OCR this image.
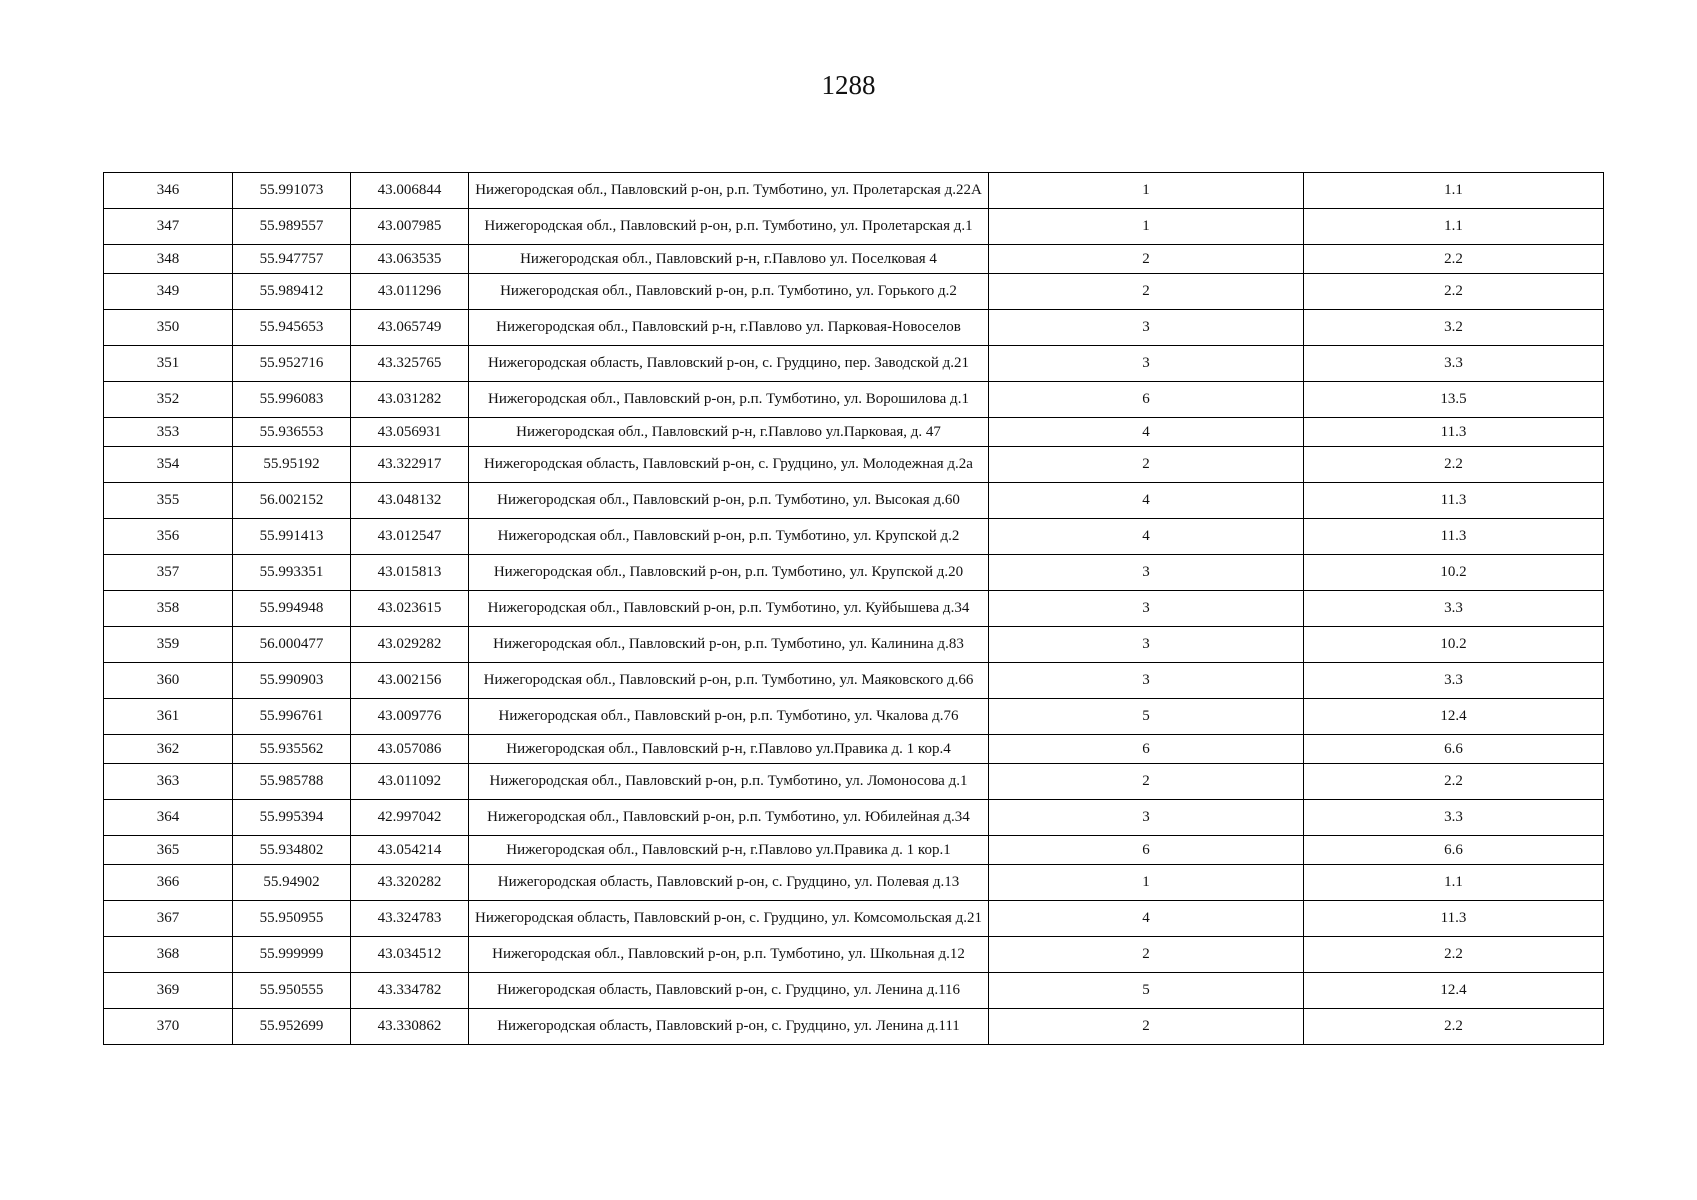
1288
346	55.991073	43.006844	Нижегородская обл., Павловский р-он, р.п. Тумботино, ул. Пролетарская д.22А	1	1.1
347	55.989557	43.007985	Нижегородская обл., Павловский р-он, р.п. Тумботино, ул. Пролетарская д.1	1	1.1
348	55.947757	43.063535	Нижегородская обл., Павловский р-н, г.Павлово ул. Поселковая 4	2	2.2
349	55.989412	43.011296	Нижегородская обл., Павловский р-он, р.п. Тумботино, ул. Горького д.2	2	2.2
350	55.945653	43.065749	Нижегородская обл., Павловский р-н, г.Павлово ул. Парковая-Новоселов	3	3.2
351	55.952716	43.325765	Нижегородская область, Павловский р-он, с. Грудцино, пер. Заводской д.21	3	3.3
352	55.996083	43.031282	Нижегородская обл., Павловский р-он, р.п. Тумботино, ул. Ворошилова д.1	6	13.5
353	55.936553	43.056931	Нижегородская обл., Павловский р-н, г.Павлово ул.Парковая, д. 47	4	11.3
354	55.95192	43.322917	Нижегородская область, Павловский р-он, с. Грудцино, ул. Молодежная д.2а	2	2.2
355	56.002152	43.048132	Нижегородская обл., Павловский р-он, р.п. Тумботино, ул. Высокая д.60	4	11.3
356	55.991413	43.012547	Нижегородская обл., Павловский р-он, р.п. Тумботино, ул. Крупской д.2	4	11.3
357	55.993351	43.015813	Нижегородская обл., Павловский р-он, р.п. Тумботино, ул. Крупской д.20	3	10.2
358	55.994948	43.023615	Нижегородская обл., Павловский р-он, р.п. Тумботино, ул. Куйбышева д.34	3	3.3
359	56.000477	43.029282	Нижегородская обл., Павловский р-он, р.п. Тумботино, ул. Калинина д.83	3	10.2
360	55.990903	43.002156	Нижегородская обл., Павловский р-он, р.п. Тумботино, ул. Маяковского д.66	3	3.3
361	55.996761	43.009776	Нижегородская обл., Павловский р-он, р.п. Тумботино, ул. Чкалова д.76	5	12.4
362	55.935562	43.057086	Нижегородская обл., Павловский р-н, г.Павлово ул.Правика д. 1 кор.4	6	6.6
363	55.985788	43.011092	Нижегородская обл., Павловский р-он, р.п. Тумботино, ул. Ломоносова д.1	2	2.2
364	55.995394	42.997042	Нижегородская обл., Павловский р-он, р.п. Тумботино, ул. Юбилейная д.34	3	3.3
365	55.934802	43.054214	Нижегородская обл., Павловский р-н, г.Павлово ул.Правика д. 1 кор.1	6	6.6
366	55.94902	43.320282	Нижегородская область, Павловский р-он, с. Грудцино, ул. Полевая д.13	1	1.1
367	55.950955	43.324783	Нижегородская область, Павловский р-он, с. Грудцино, ул. Комсомольская д.21	4	11.3
368	55.999999	43.034512	Нижегородская обл., Павловский р-он, р.п. Тумботино, ул. Школьная д.12	2	2.2
369	55.950555	43.334782	Нижегородская область, Павловский р-он, с. Грудцино, ул. Ленина д.116	5	12.4
370	55.952699	43.330862	Нижегородская область, Павловский р-он, с. Грудцино, ул. Ленина д.111	2	2.2
